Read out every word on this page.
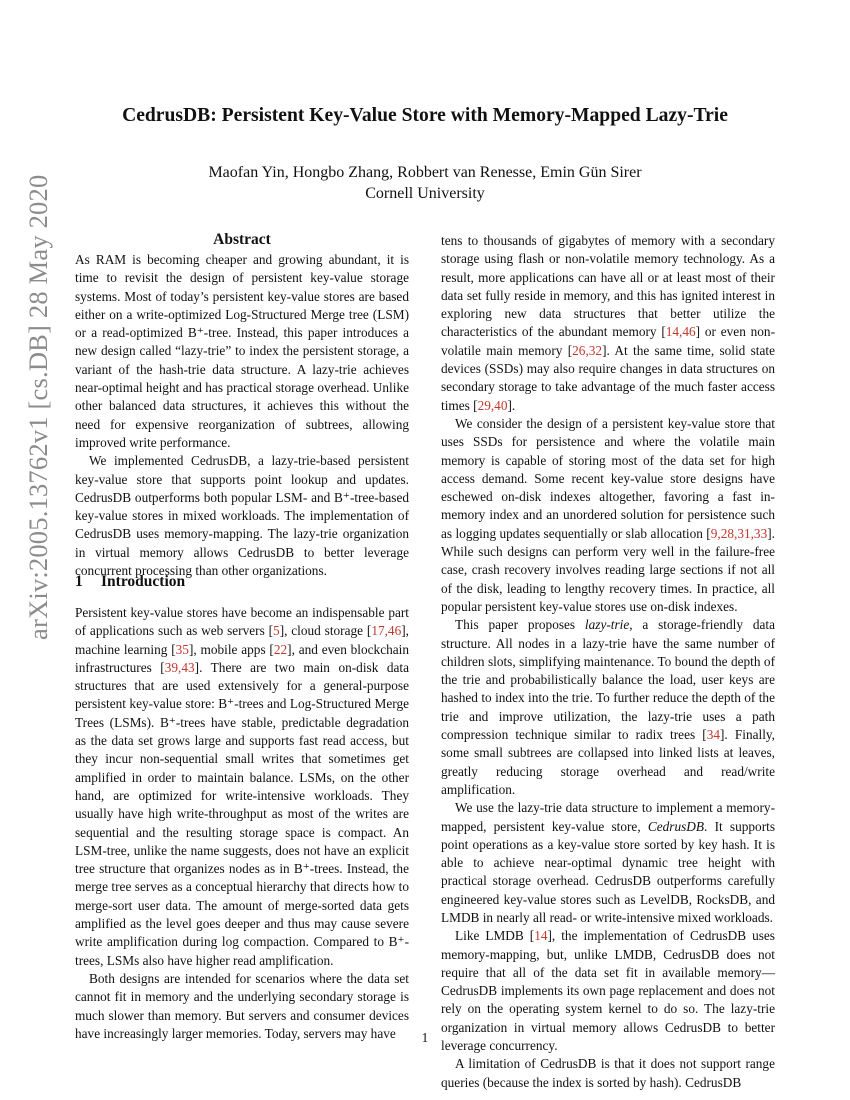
arXiv:2005.13762v1 [cs.DB] 28 May 2020
CedrusDB: Persistent Key-Value Store with Memory-Mapped Lazy-Trie
Maofan Yin, Hongbo Zhang, Robbert van Renesse, Emin Gün Sirer
Cornell University
Abstract

As RAM is becoming cheaper and growing abundant, it is time to revisit the design of persistent key-value storage systems. Most of today’s persistent key-value stores are based either on a write-optimized Log-Structured Merge tree (LSM) or a read-optimized B⁺-tree. Instead, this paper introduces a new design called “lazy-trie” to index the persistent storage, a variant of the hash-trie data structure. A lazy-trie achieves near-optimal height and has practical storage overhead. Unlike other balanced data structures, it achieves this without the need for expensive reorganization of subtrees, allowing improved write performance.

We implemented CedrusDB, a lazy-trie-based persistent key-value store that supports point lookup and updates. CedrusDB outperforms both popular LSM- and B⁺-tree-based key-value stores in mixed workloads. The implementation of CedrusDB uses memory-mapping. The lazy-trie organization in virtual memory allows CedrusDB to better leverage concurrent processing than other organizations.

1 Introduction

Persistent key-value stores have become an indispensable part of applications such as web servers [5], cloud storage [17,46], machine learning [35], mobile apps [22], and even blockchain infrastructures [39,43]. There are two main on-disk data structures that are used extensively for a general-purpose persistent key-value store: B⁺-trees and Log-Structured Merge Trees (LSMs). B⁺-trees have stable, predictable degradation as the data set grows large and supports fast read access, but they incur non-sequential small writes that sometimes get amplified in order to maintain balance. LSMs, on the other hand, are optimized for write-intensive workloads. They usually have high write-throughput as most of the writes are sequential and the resulting storage space is compact. An LSM-tree, unlike the name suggests, does not have an explicit tree structure that organizes nodes as in B⁺-trees. Instead, the merge tree serves as a conceptual hierarchy that directs how to merge-sort user data. The amount of merge-sorted data gets amplified as the level goes deeper and thus may cause severe write amplification during log compaction. Compared to B⁺-trees, LSMs also have higher read amplification.

Both designs are intended for scenarios where the data set cannot fit in memory and the underlying secondary storage is much slower than memory. But servers and consumer devices have increasingly larger memories. Today, servers may have

tens to thousands of gigabytes of memory with a secondary storage using flash or non-volatile memory technology. As a result, more applications can have all or at least most of their data set fully reside in memory, and this has ignited interest in exploring new data structures that better utilize the characteristics of the abundant memory [14,46] or even non-volatile main memory [26,32]. At the same time, solid state devices (SSDs) may also require changes in data structures on secondary storage to take advantage of the much faster access times [29,40].

We consider the design of a persistent key-value store that uses SSDs for persistence and where the volatile main memory is capable of storing most of the data set for high access demand. Some recent key-value store designs have eschewed on-disk indexes altogether, favoring a fast in-memory index and an unordered solution for persistence such as logging updates sequentially or slab allocation [9,28,31,33]. While such designs can perform very well in the failure-free case, crash recovery involves reading large sections if not all of the disk, leading to lengthy recovery times. In practice, all popular persistent key-value stores use on-disk indexes.

This paper proposes lazy-trie, a storage-friendly data structure. All nodes in a lazy-trie have the same number of children slots, simplifying maintenance. To bound the depth of the trie and probabilistically balance the load, user keys are hashed to index into the trie. To further reduce the depth of the trie and improve utilization, the lazy-trie uses a path compression technique similar to radix trees [34]. Finally, some small subtrees are collapsed into linked lists at leaves, greatly reducing storage overhead and read/write amplification.

We use the lazy-trie data structure to implement a memory-mapped, persistent key-value store, CedrusDB. It supports point operations as a key-value store sorted by key hash. It is able to achieve near-optimal dynamic tree height with practical storage overhead. CedrusDB outperforms carefully engineered key-value stores such as LevelDB, RocksDB, and LMDB in nearly all read- or write-intensive mixed workloads.

Like LMDB [14], the implementation of CedrusDB uses memory-mapping, but, unlike LMDB, CedrusDB does not require that all of the data set fit in available memory—CedrusDB implements its own page replacement and does not rely on the operating system kernel to do so. The lazy-trie organization in virtual memory allows CedrusDB to better leverage concurrency.

A limitation of CedrusDB is that it does not support range queries (because the index is sorted by hash). CedrusDB

1
